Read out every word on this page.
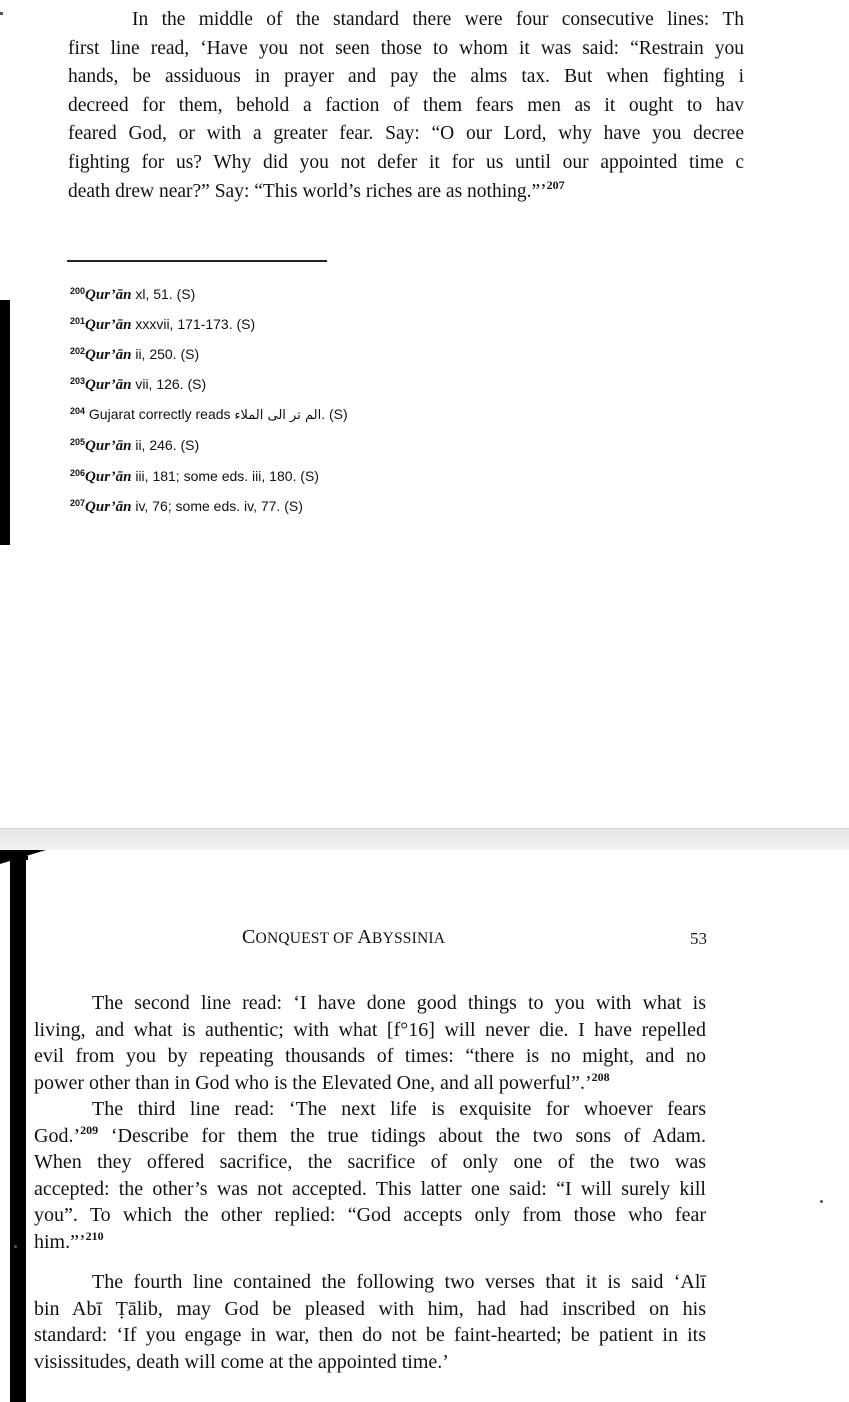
In the middle of the standard there were four consecutive lines: Th
first line read, ‘Have you not seen those to whom it was said: “Restrain you
hands, be assiduous in prayer and pay the alms tax. But when fighting i
decreed for them, behold a faction of them fears men as it ought to hav
feared God, or with a greater fear. Say: “O our Lord, why have you decree
fighting for us? Why did you not defer it for us until our appointed time c
death drew near?” Say: “This world’s riches are as nothing.”’$^{207}$
$^{200}$Qur’ān xl, 51. (S)
$^{201}$Qur’ān xxxvii, 171-173. (S)
$^{202}$Qur’ān ii, 250. (S)
$^{203}$Qur’ān vii, 126. (S)
$^{204}$ Gujarat correctly reads الم تر الى الملاء. (S)
$^{205}$Qur’ān ii, 246. (S)
$^{206}$Qur’ān iii, 181; some eds. iii, 180. (S)
$^{207}$Qur’ān iv, 76; some eds. iv, 77. (S)
CONQUEST OF ABYSSINIA	53
The second line read: ‘I have done good things to you with what is
living, and what is authentic; with what [f°16] will never die. I have repelled
evil from you by repeating thousands of times: “there is no might, and no
power other than in God who is the Elevated One, and all powerful”.’$^{208}$
The third line read: ‘The next life is exquisite for whoever fears
God.’$^{209}$ ‘Describe for them the true tidings about the two sons of Adam.
When they offered sacrifice, the sacrifice of only one of the two was
accepted: the other’s was not accepted. This latter one said: “I will surely kill
you”. To which the other replied: “God accepts only from those who fear
him.”’$^{210}$
The fourth line contained the following two verses that it is said ‘Alī
bin Abī Ṭālib, may God be pleased with him, had had inscribed on his
standard: ‘If you engage in war, then do not be faint-hearted; be patient in its
visissitudes, death will come at the appointed time.’
